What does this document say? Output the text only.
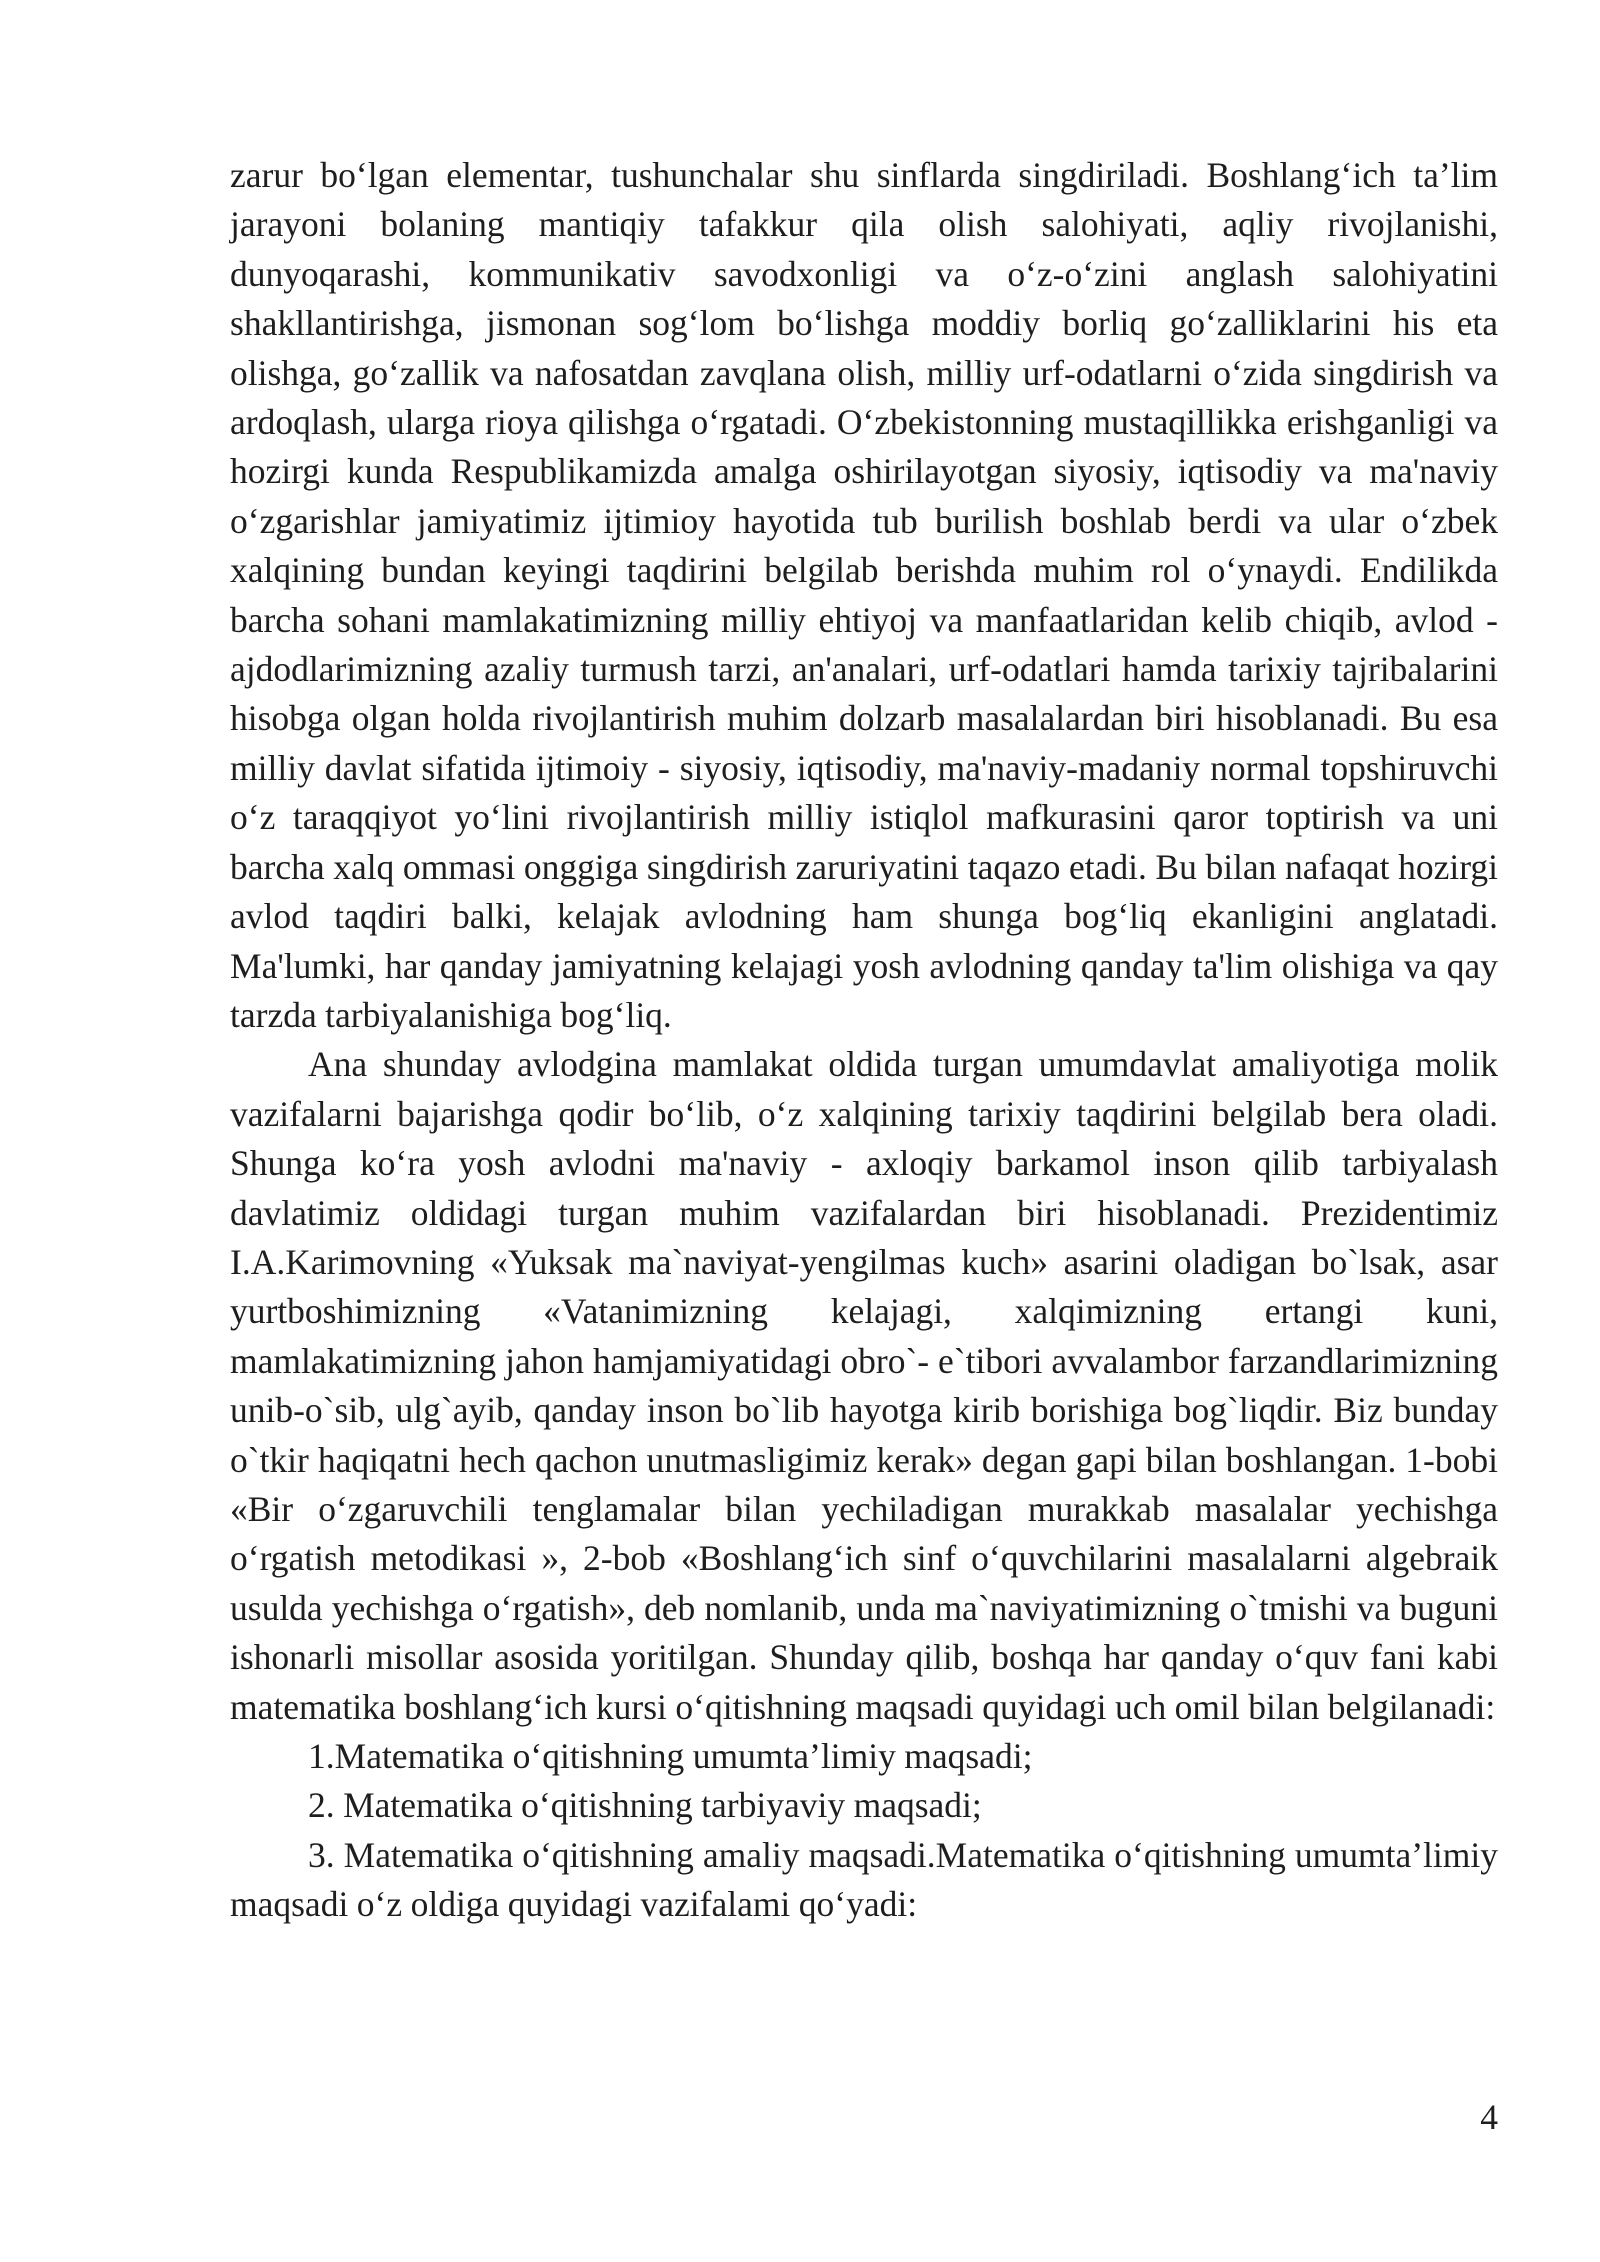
zarur bo‘lgan elementar, tushunchalar shu sinflarda singdiriladi. Boshlang‘ich ta’lim jarayoni bolaning mantiqiy tafakkur qila olish salohiyati, aqliy rivojlanishi, dunyoqarashi, kommunikativ savodxonligi va o‘z-o‘zini anglash salohiyatini shakllantirishga, jismonan sog‘lom bo‘lishga moddiy borliq go‘zalliklarini his eta olishga, go‘zallik va nafosatdan zavqlana olish, milliy urf-odatlarni o‘zida singdirish va ardoqlash, ularga rioya qilishga o‘rgatadi. O‘zbekistonning mustaqillikka erishganligi va hozirgi kunda Respublikamizda amalga oshirilayotgan siyosiy, iqtisodiy va ma'naviy o‘zgarishlar jamiyatimiz ijtimioy hayotida tub burilish boshlab berdi va ular o‘zbek xalqining bundan keyingi taqdirini belgilab berishda muhim rol o‘ynaydi. Endilikda barcha sohani mamlakatimizning milliy ehtiyoj va manfaatlaridan kelib chiqib, avlod -ajdodlarimizning azaliy turmush tarzi, an'analari, urf-odatlari hamda tarixiy tajribalarini hisobga olgan holda rivojlantirish muhim dolzarb masalalardan biri hisoblanadi. Bu esa milliy davlat sifatida ijtimoiy - siyosiy, iqtisodiy, ma'naviy-madaniy normal topshiruvchi o‘z taraqqiyot yo‘lini rivojlantirish milliy istiqlol mafkurasini qaror toptirish va uni barcha xalq ommasi onggiga singdirish zaruriyatini taqazo etadi. Bu bilan nafaqat hozirgi avlod taqdiri balki, kelajak avlodning ham shunga bog‘liq ekanligini anglatadi. Ma'lumki, har qanday jamiyatning kelajagi yosh avlodning qanday ta'lim olishiga va qay tarzda tarbiyalanishiga bog‘liq.

Ana shunday avlodgina mamlakat oldida turgan umumdavlat amaliyotiga molik vazifalarni bajarishga qodir bo‘lib, o‘z xalqining tarixiy taqdirini belgilab bera oladi. Shunga ko‘ra yosh avlodni ma'naviy - axloqiy barkamol inson qilib tarbiyalash davlatimiz oldidagi turgan muhim vazifalardan biri hisoblanadi. Prezidentimiz I.A.Karimovning «Yuksak ma`naviyat-yengilmas kuch» asarini oladigan bo`lsak, asar yurtboshimizning «Vatanimizning kelajagi, xalqimizning ertangi kuni, mamlakatimizning jahon hamjamiyatidagi obro`- e`tibori avvalambor farzandlarimizning unib-o`sib, ulg`ayib, qanday inson bo`lib hayotga kirib borishiga bog`liqdir. Biz bunday o`tkir haqiqatni hech qachon unutmasligimiz kerak» degan gapi bilan boshlangan. 1-bobi «Bir o‘zgaruvchili tenglamalar bilan yechiladigan murakkab masalalar yechishga o‘rgatish metodikasi », 2-bob «Boshlang‘ich sinf o‘quvchilarini masalalarni algebraik usulda yechishga o‘rgatish», deb nomlanib, unda ma`naviyatimizning o`tmishi va buguni ishonarli misollar asosida yoritilgan. Shunday qilib, boshqa har qanday o‘quv fani kabi matematika boshlang‘ich kursi o‘qitishning maqsadi quyidagi uch omil bilan belgilanadi:

1.Matematika o‘qitishning umumta’limiy maqsadi;

2. Matematika o‘qitishning tarbiyaviy maqsadi;

3. Matematika o‘qitishning amaliy maqsadi.Matematika o‘qitishning umumta’limiy maqsadi o‘z oldiga quyidagi vazifalami qo‘yadi:

4
